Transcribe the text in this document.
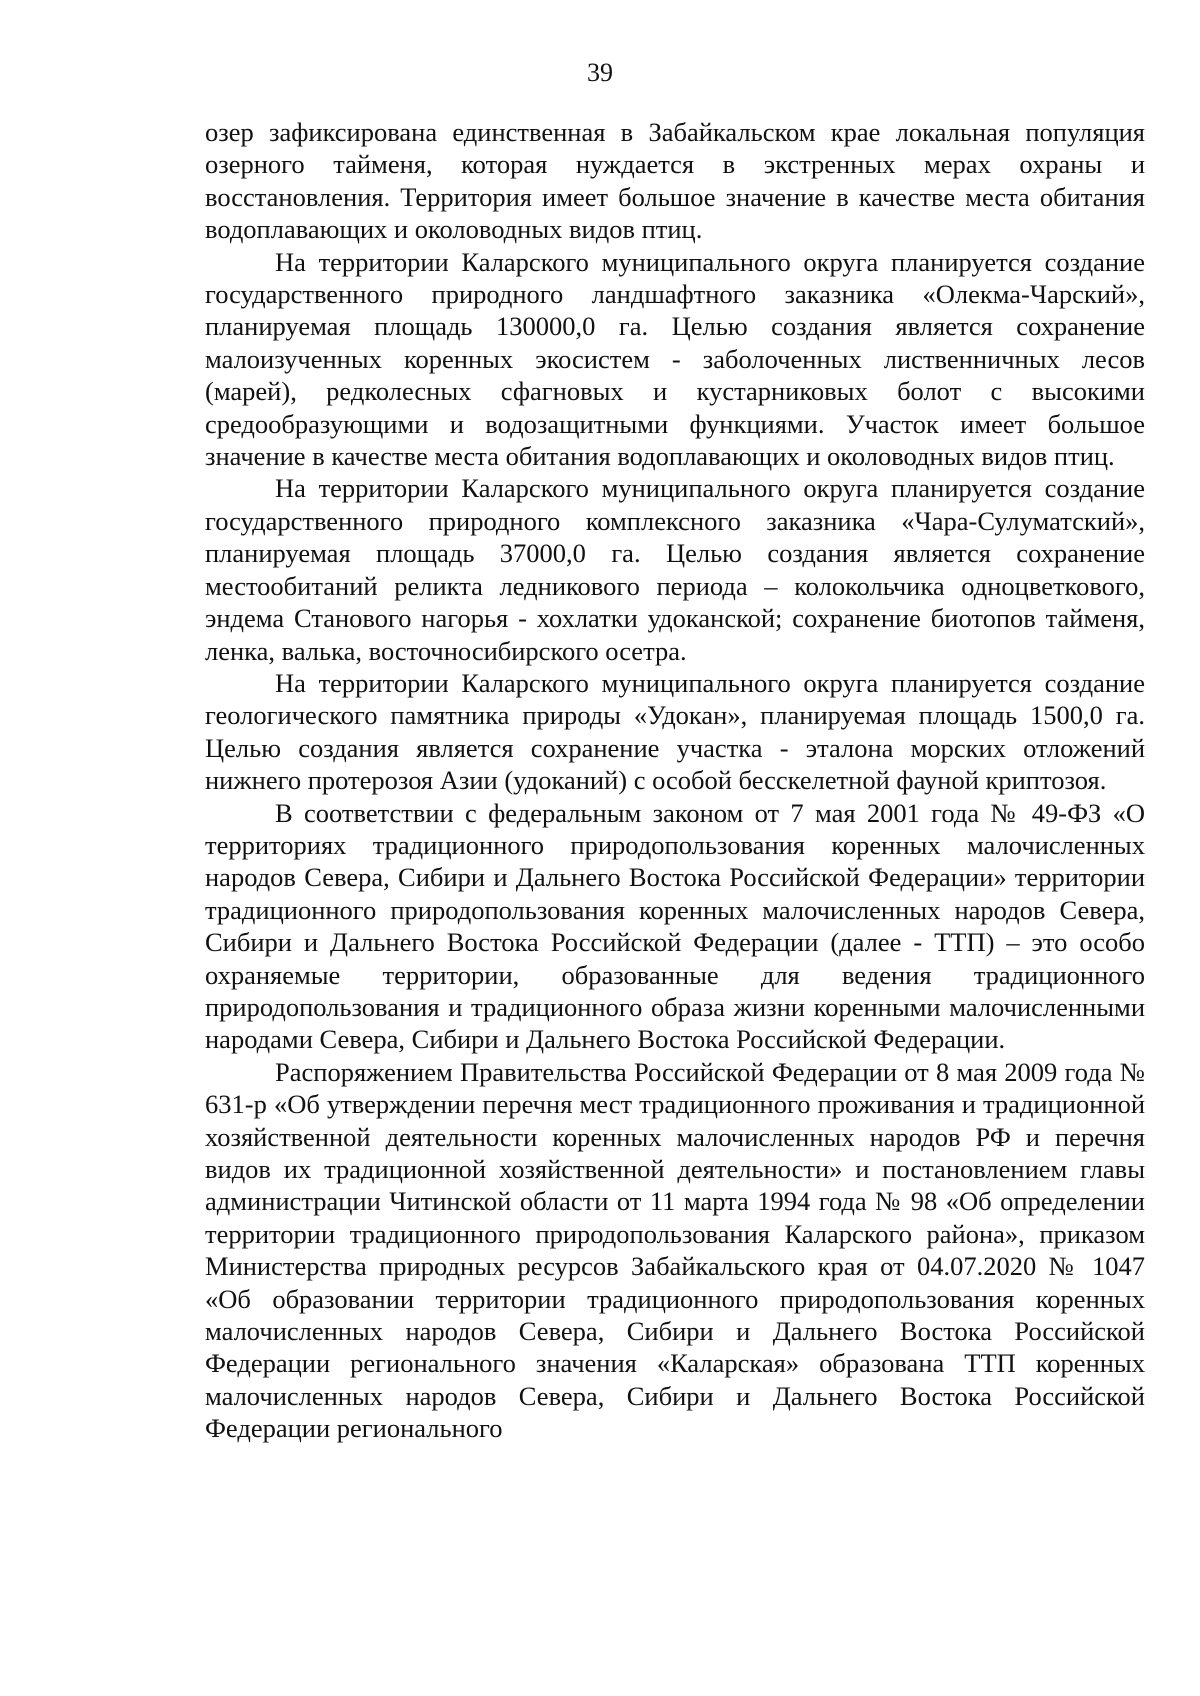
39

озер зафиксирована единственная в Забайкальском крае локальная популяция озерного тайменя, которая нуждается в экстренных мерах охраны и восстановления. Территория имеет большое значение в качестве места обитания водоплавающих и околоводных видов птиц.

На территории Каларского муниципального округа планируется создание государственного природного ландшафтного заказника «Олекма-Чарский», планируемая площадь 130000,0 га. Целью создания является сохранение малоизученных коренных экосистем - заболоченных лиственничных лесов (марей), редколесных сфагновых и кустарниковых болот с высокими средообразующими и водозащитными функциями. Участок имеет большое значение в качестве места обитания водоплавающих и околоводных видов птиц.

На территории Каларского муниципального округа планируется создание государственного природного комплексного заказника «Чара-Сулуматский», планируемая площадь 37000,0 га. Целью создания является сохранение местообитаний реликта ледникового периода – колокольчика одноцветкового, эндема Станового нагорья - хохлатки удоканской; сохранение биотопов тайменя, ленка, валька, восточносибирского осетра.

На территории Каларского муниципального округа планируется создание геологического памятника природы «Удокан», планируемая площадь 1500,0 га. Целью создания является сохранение участка - эталона морских отложений нижнего протерозоя Азии (удоканий) с особой бесскелетной фауной криптозоя.

В соответствии с федеральным законом от 7 мая 2001 года № 49-ФЗ «О территориях традиционного природопользования коренных малочисленных народов Севера, Сибири и Дальнего Востока Российской Федерации» территории традиционного природопользования коренных малочисленных народов Севера, Сибири и Дальнего Востока Российской Федерации (далее - ТТП) – это особо охраняемые территории, образованные для ведения традиционного природопользования и традиционного образа жизни коренными малочисленными народами Севера, Сибири и Дальнего Востока Российской Федерации.

Распоряжением Правительства Российской Федерации от 8 мая 2009 года № 631-р «Об утверждении перечня мест традиционного проживания и традиционной хозяйственной деятельности коренных малочисленных народов РФ и перечня видов их традиционной хозяйственной деятельности» и постановлением главы администрации Читинской области от 11 марта 1994 года № 98 «Об определении территории традиционного природопользования Каларского района», приказом Министерства природных ресурсов Забайкальского края от 04.07.2020 № 1047 «Об образовании территории традиционного природопользования коренных малочисленных народов Севера, Сибири и Дальнего Востока Российской Федерации регионального значения «Каларская» образована ТТП коренных малочисленных народов Севера, Сибири и Дальнего Востока Российской Федерации регионального
